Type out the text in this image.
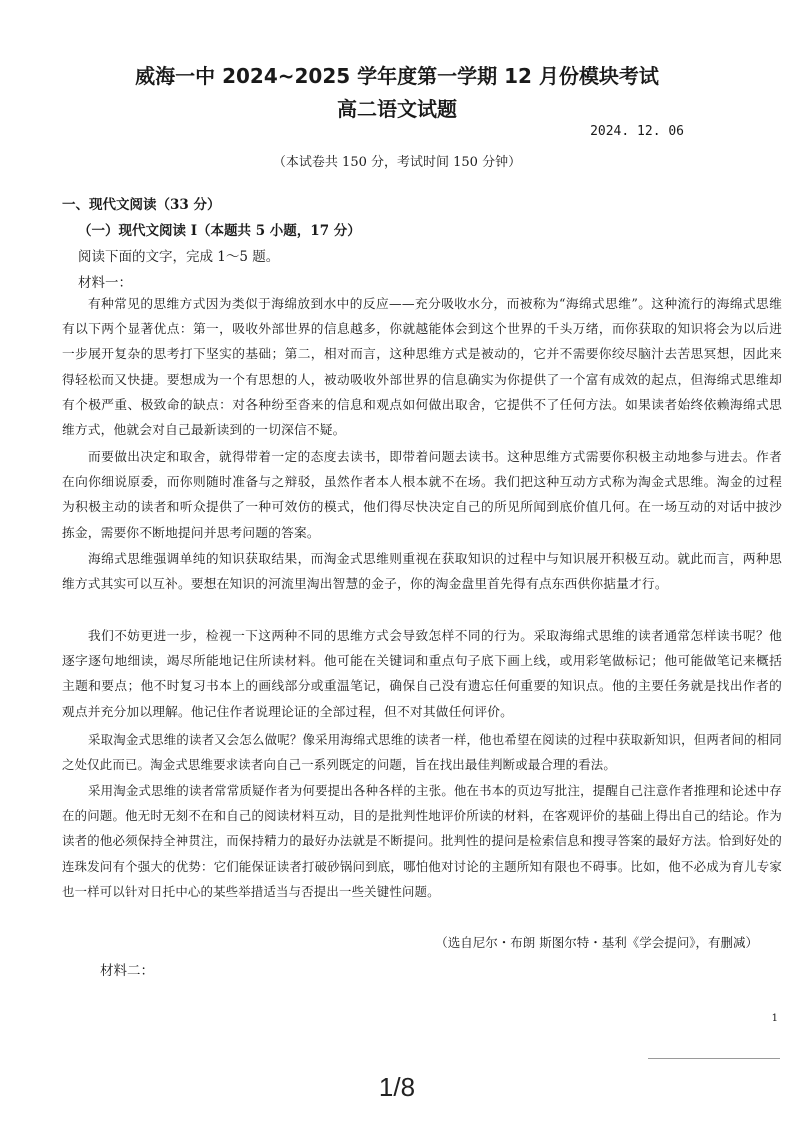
威海一中 2024~2025 学年度第一学期 12 月份模块考试
高二语文试题
2024. 12. 06
（本试卷共 150 分，考试时间 150 分钟）
一、现代文阅读（33 分）
（一）现代文阅读 I（本题共 5 小题，17 分）
阅读下面的文字，完成 1～5 题。
材料一：
有种常见的思维方式因为类似于海绵放到水中的反应——充分吸收水分，而被称为“海绵式思维”。这种流行的海绵式思维有以下两个显著优点：第一，吸收外部世界的信息越多，你就越能体会到这个世界的千头万绪，而你获取的知识将会为以后进一步展开复杂的思考打下坚实的基础；第二，相对而言，这种思维方式是被动的，它并不需要你绞尽脑汁去苦思冥想，因此来得轻松而又快捷。要想成为一个有思想的人，被动吸收外部世界的信息确实为你提供了一个富有成效的起点，但海绵式思维却有个极严重、极致命的缺点：对各种纷至沓来的信息和观点如何做出取舍，它提供不了任何方法。如果读者始终依赖海绵式思维方式，他就会对自己最新读到的一切深信不疑。
而要做出决定和取舍，就得带着一定的态度去读书，即带着问题去读书。这种思维方式需要你积极主动地参与进去。作者在向你细说原委，而你则随时准备与之辩驳，虽然作者本人根本就不在场。我们把这种互动方式称为淘金式思维。淘金的过程为积极主动的读者和听众提供了一种可效仿的模式，他们得尽快决定自己的所见所闻到底价值几何。在一场互动的对话中披沙拣金，需要你不断地提问并思考问题的答案。
海绵式思维强调单纯的知识获取结果，而淘金式思维则重视在获取知识的过程中与知识展开积极互动。就此而言，两种思维方式其实可以互补。要想在知识的河流里淘出智慧的金子，你的淘金盘里首先得有点东西供你掂量才行。
我们不妨更进一步，检视一下这两种不同的思维方式会导致怎样不同的行为。采取海绵式思维的读者通常怎样读书呢？他逐字逐句地细读，竭尽所能地记住所读材料。他可能在关键词和重点句子底下画上线，或用彩笔做标记；他可能做笔记来概括主题和要点；他不时复习书本上的画线部分或重温笔记，确保自己没有遗忘任何重要的知识点。他的主要任务就是找出作者的观点并充分加以理解。他记住作者说理论证的全部过程，但不对其做任何评价。
采取淘金式思维的读者又会怎么做呢？像采用海绵式思维的读者一样，他也希望在阅读的过程中获取新知识，但两者间的相同之处仅此而已。淘金式思维要求读者向自己一系列既定的问题，旨在找出最佳判断或最合理的看法。
采用淘金式思维的读者常常质疑作者为何要提出各种各样的主张。他在书本的页边写批注，提醒自己注意作者推理和论述中存在的问题。他无时无刻不在和自己的阅读材料互动，目的是批判性地评价所读的材料，在客观评价的基础上得出自己的结论。作为读者的他必须保持全神贯注，而保持精力的最好办法就是不断提问。批判性的提问是检索信息和搜寻答案的最好方法。恰到好处的连珠发问有个强大的优势：它们能保证读者打破砂锅问到底，哪怕他对讨论的主题所知有限也不碍事。比如，他不必成为育儿专家也一样可以针对日托中心的某些举措适当与否提出一些关键性问题。
（选自尼尔・布朗 斯图尔特・基利《学会提问》，有删减）
材料二：
1
1/8
